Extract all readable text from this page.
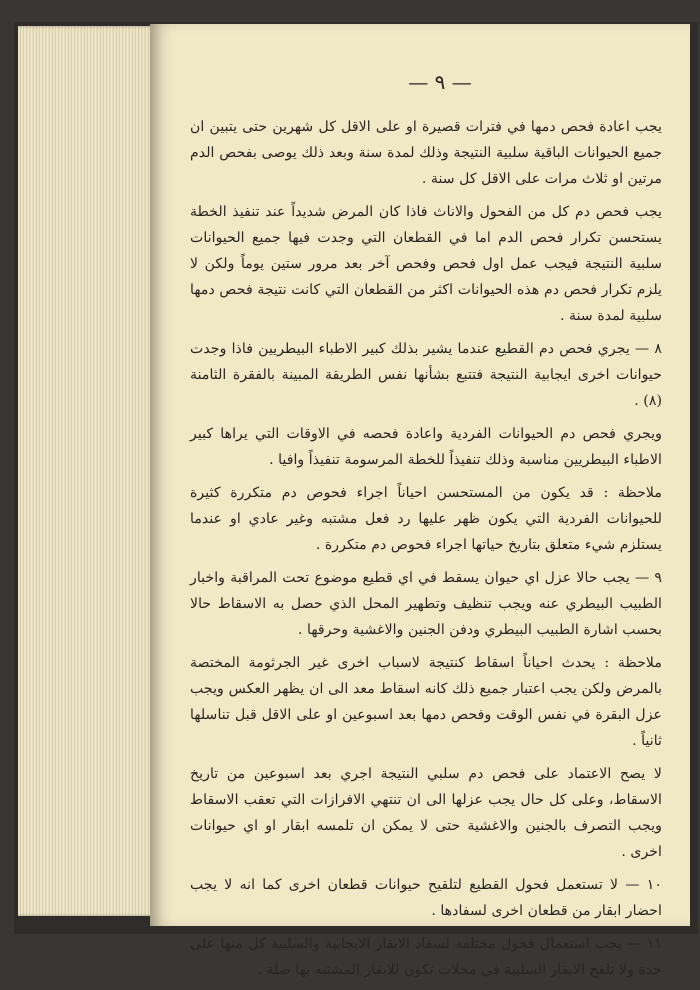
— ٩ —

يجب اعادة فحص دمها في فترات قصيرة او على الاقل كل شهرين حتى يتبين ان جميع الحيوانات الباقية سلبية النتيجة وذلك لمدة سنة وبعد ذلك يوصى بفحص الدم مرتين او ثلاث مرات على الاقل كل سنة .

يجب فحص دم كل من الفحول والاناث فاذا كان المرض شديداً عند تنفيذ الخطة يستحسن تكرار فحص الدم اما في القطعان التي وجدت فيها جميع الحيوانات سلبية النتيجة فيجب عمل اول فحص وفحص آخر بعد مرور ستين يوماً ولكن لا يلزم تكرار فحص دم هذه الحيوانات اكثر من القطعان التي كانت نتيجة فحص دمها سلبية لمدة سنة .

٨ — يجري فحص دم القطيع عندما يشير بذلك كبير الاطباء البيطريين فاذا وجدت حيوانات اخرى ايجابية النتيجة فتتبع بشأنها نفس الطريقة المبينة بالفقرة الثامنة (٨) .

ويجري فحص دم الحيوانات الفردية واعادة فحصه في الاوقات التي يراها كبير الاطباء البيطريين مناسبة وذلك تنفيذاً للخطة المرسومة تنفيذاً وافيا .

ملاحظة : قد يكون من المستحسن احياناً اجراء فحوص دم متكررة كثيرة للحيوانات الفردية التي يكون ظهر عليها رد فعل مشتبه وغير عادي او عندما يستلزم شيء متعلق بتاريخ حياتها اجراء فحوص دم متكررة .

٩ — يجب حالا عزل اي حيوان يسقط في اي قطيع موضوع تحت المراقبة واخبار الطبيب البيطري عنه ويجب تنظيف وتطهير المحل الذي حصل به الاسقاط حالا بحسب اشارة الطبيب البيطري ودفن الجنين والاغشية وحرقها .

ملاحظة : يحدث احياناً اسقاط كنتيجة لاسباب اخرى غير الجرثومة المختصة بالمرض ولكن يجب اعتبار جميع ذلك كانه اسقاط معد الى ان يظهر العكس ويجب عزل البقرة في نفس الوقت وفحص دمها بعد اسبوعين او على الاقل قبل تناسلها ثانياً .

لا يصح الاعتماد على فحص دم سلبي النتيجة اجري بعد اسبوعين من تاريخ الاسقاط، وعلى كل حال يجب عزلها الى ان تنتهي الافرازات التي تعقب الاسقاط ويجب التصرف بالجنين والاغشية حتى لا يمكن ان تلمسه ابقار او اي حيوانات اخرى .

١٠ — لا تستعمل فحول القطيع لتلقيح حيوانات قطعان اخرى كما انه لا يجب احضار ابقار من قطعان اخرى لسفادها .

١١ — يجب استعمال فحول مختلفة لسفاد الابقار الايجابية والسلبية كل منها على حدة ولا تلقح الابقار السلبية في محلات تكون للابقار المشتبه بها صلة .
